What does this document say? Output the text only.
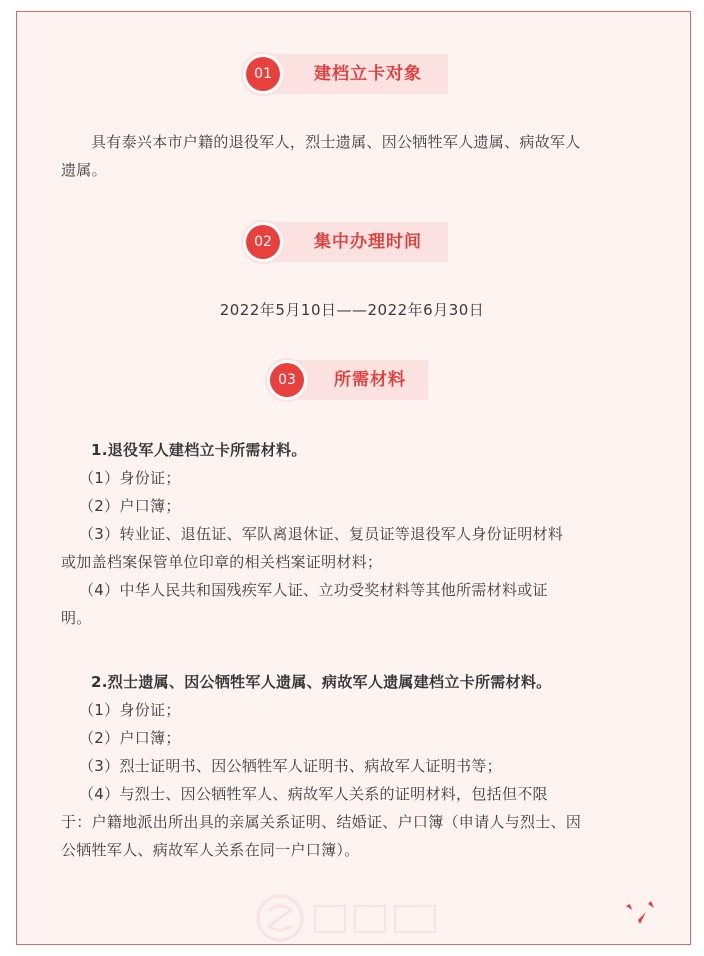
01	建档立卡对象
具有泰兴本市户籍的退役军人，烈士遗属、因公牺牲军人遗属、病故军人
遗属。
02	集中办理时间
2022年5月10日——2022年6月30日
03	所需材料
1.退役军人建档立卡所需材料。
（1）身份证；
（2）户口簿；
（3）转业证、退伍证、军队离退休证、复员证等退役军人身份证明材料
或加盖档案保管单位印章的相关档案证明材料；
（4）中华人民共和国残疾军人证、立功受奖材料等其他所需材料或证
明。
2.烈士遗属、因公牺牲军人遗属、病故军人遗属建档立卡所需材料。
（1）身份证；
（2）户口簿；
（3）烈士证明书、因公牺牲军人证明书、病故军人证明书等；
（4）与烈士、因公牺牲军人、病故军人关系的证明材料，包括但不限
于：户籍地派出所出具的亲属关系证明、结婚证、户口簿（申请人与烈士、因
公牺牲军人、病故军人关系在同一户口簿）。
